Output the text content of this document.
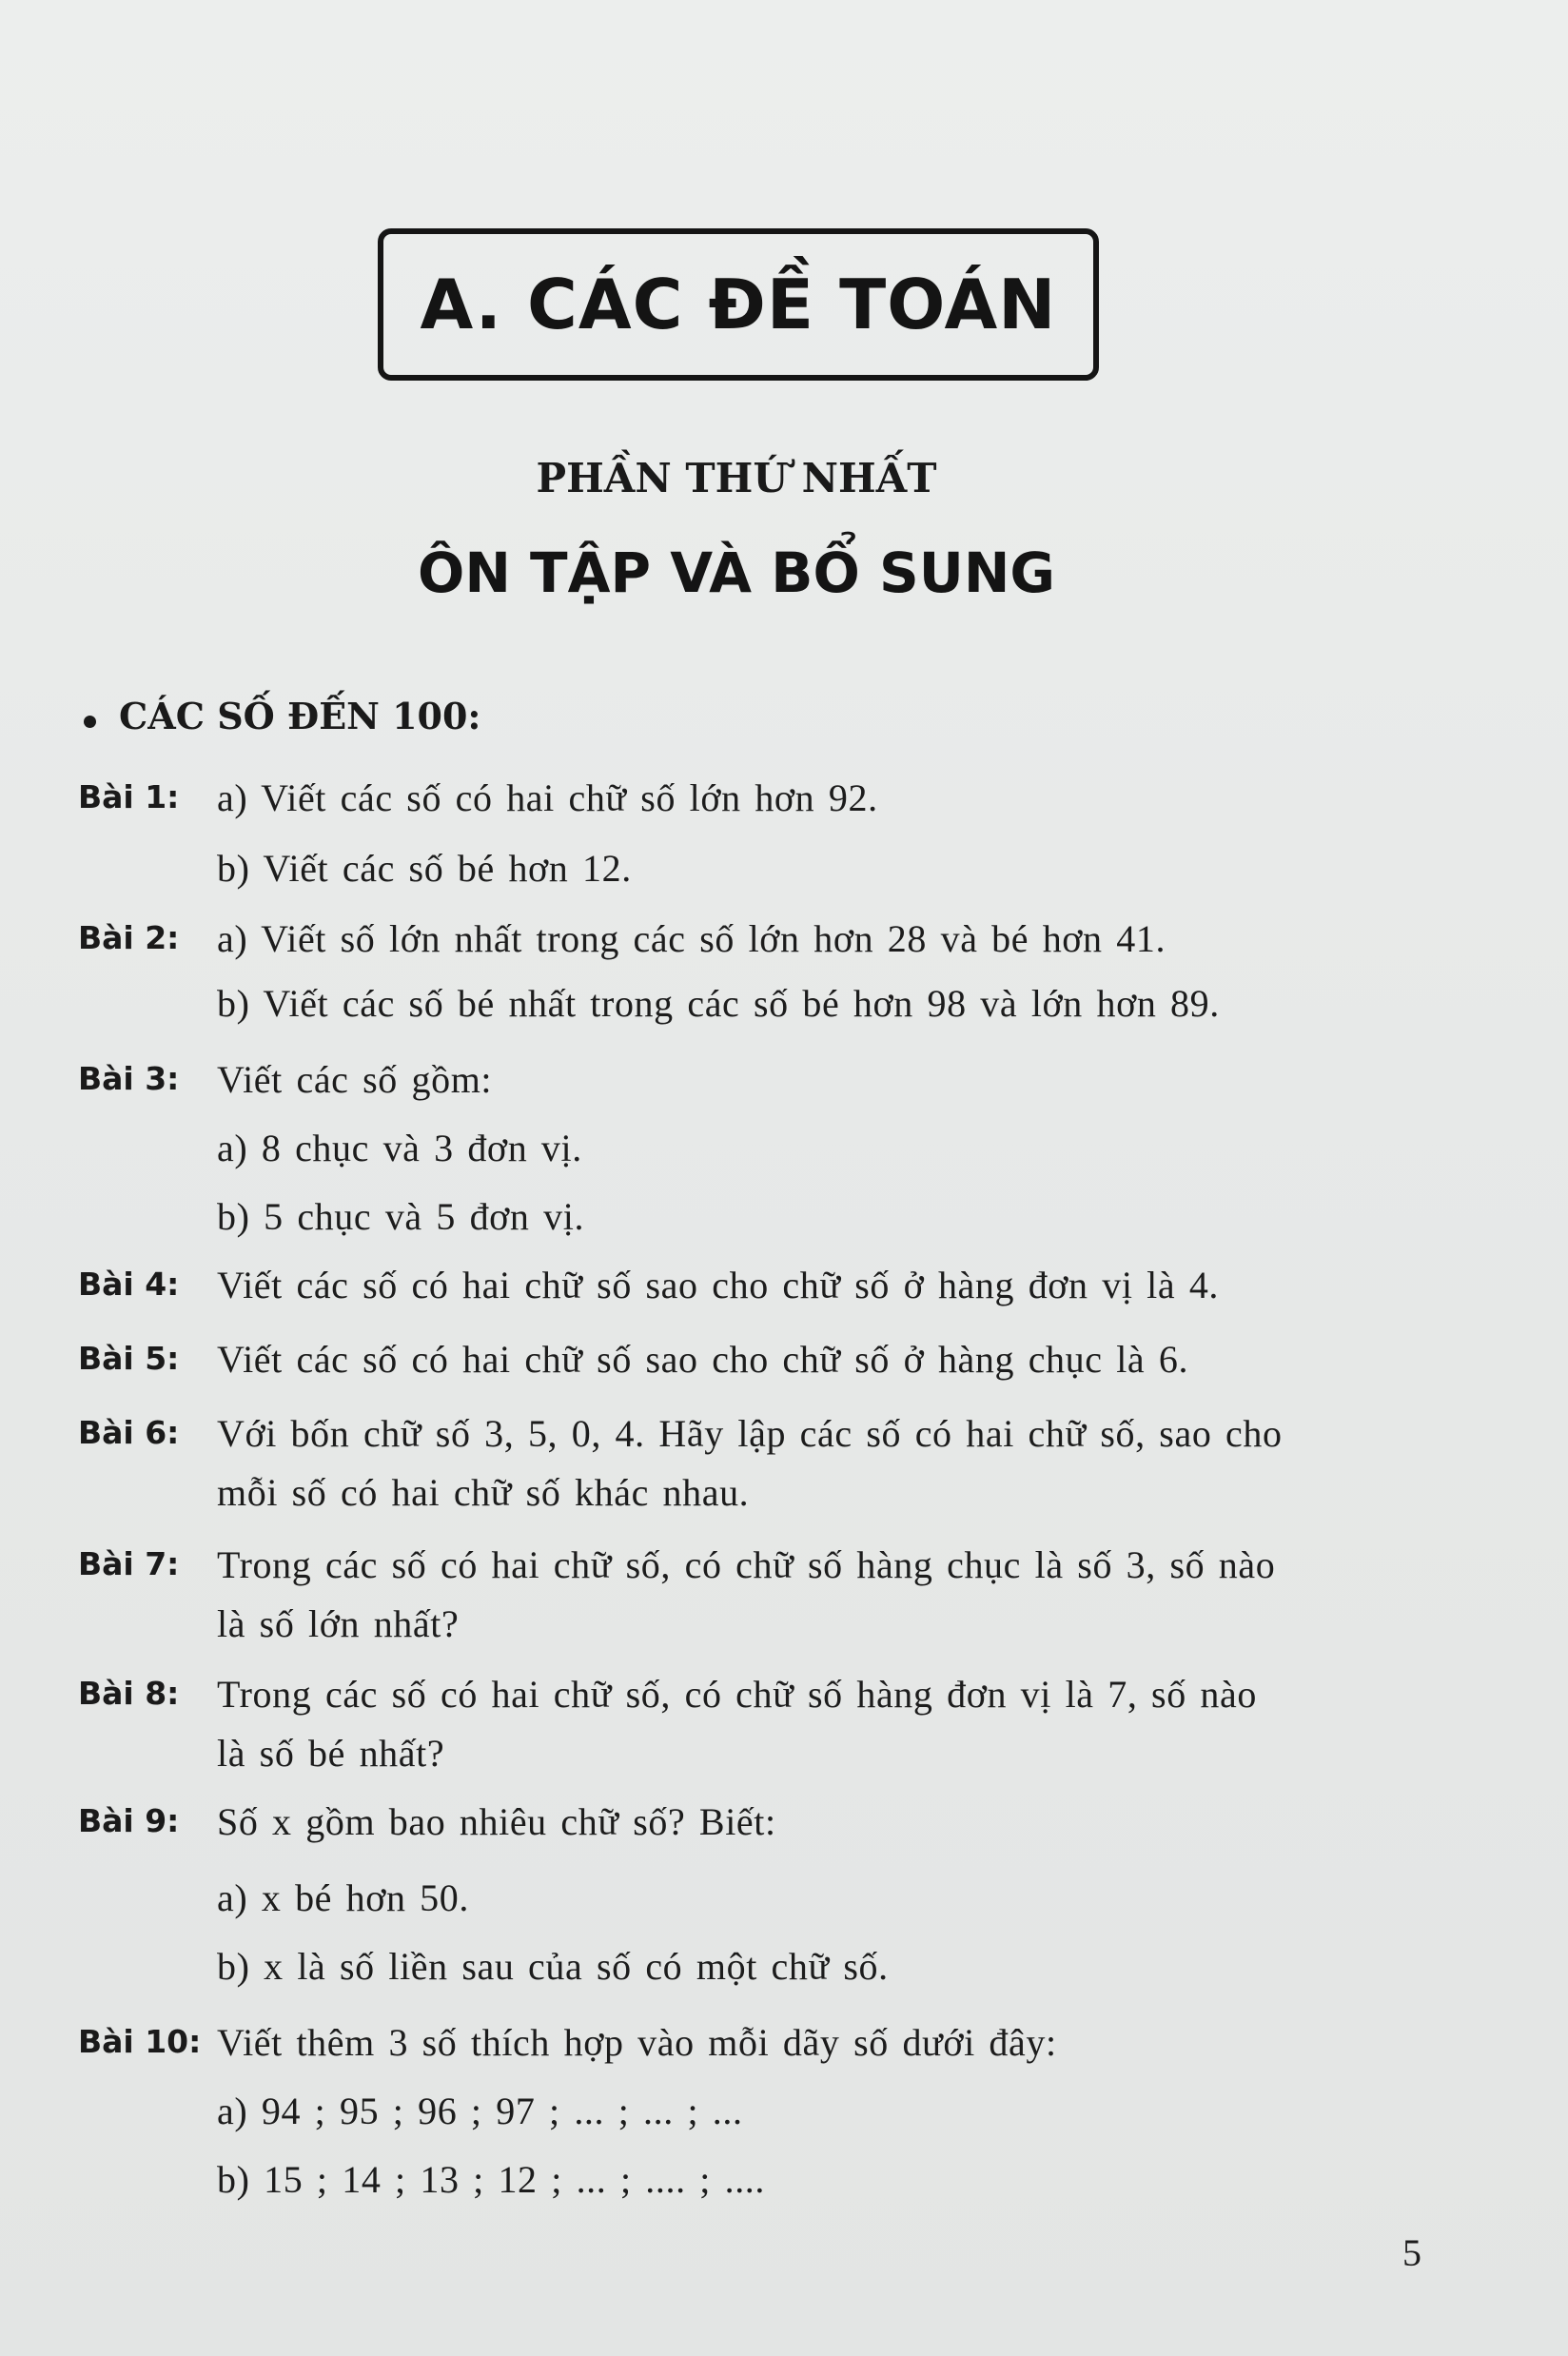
A. CÁC ĐỀ TOÁN
PHẦN THỨ NHẤT
ÔN TẬP VÀ BỔ SUNG
CÁC SỐ ĐẾN 100:
Bài 1: a) Viết các số có hai chữ số lớn hơn 92.
b) Viết các số bé hơn 12.
Bài 2: a) Viết số lớn nhất trong các số lớn hơn 28 và bé hơn 41.
b) Viết các số bé nhất trong các số bé hơn 98 và lớn hơn 89.
Bài 3: Viết các số gồm:
a) 8 chục và 3 đơn vị.
b) 5 chục và 5 đơn vị.
Bài 4: Viết các số có hai chữ số sao cho chữ số ở hàng đơn vị là 4.
Bài 5: Viết các số có hai chữ số sao cho chữ số ở hàng chục là 6.
Bài 6: Với bốn chữ số 3, 5, 0, 4. Hãy lập các số có hai chữ số, sao cho
mỗi số có hai chữ số khác nhau.
Bài 7: Trong các số có hai chữ số, có chữ số hàng chục là số 3, số nào
là số lớn nhất?
Bài 8: Trong các số có hai chữ số, có chữ số hàng đơn vị là 7, số nào
là số bé nhất?
Bài 9: Số x gồm bao nhiêu chữ số? Biết:
a) x bé hơn 50.
b) x là số liền sau của số có một chữ số.
Bài 10: Viết thêm 3 số thích hợp vào mỗi dãy số dưới đây:
a) 94 ; 95 ; 96 ; 97 ; ... ; ... ; ...
b) 15 ; 14 ; 13 ; 12 ; ... ; .... ; ....
5
